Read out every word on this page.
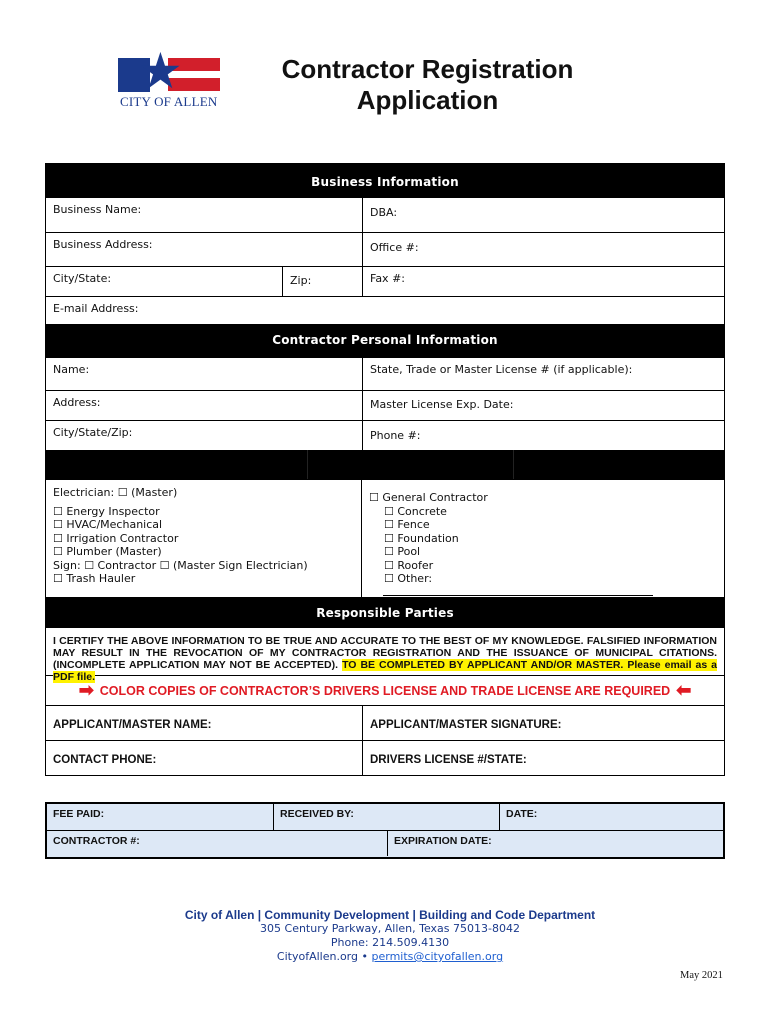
★
CITY OF ALLEN
Contractor Registration
Application
Business Information
Business Name:	DBA:
Business Address:	Office #:
City/State:	Zip:	Fax #:
E-mail Address:
Contractor Personal Information
Name:	State, Trade or Master License # (if applicable):
Address:	Master License Exp. Date:
City/State/Zip:	Phone #:
Electrician: ☐ (Master)
☐ Energy Inspector
☐ HVAC/Mechanical
☐ Irrigation Contractor
☐ Plumber (Master)
Sign: ☐ Contractor ☐ (Master Sign Electrician)
☐ Trash Hauler
☐ General Contractor
☐ Concrete
☐ Fence
☐ Foundation
☐ Pool
☐ Roofer
☐ Other:
Responsible Parties
I CERTIFY THE ABOVE INFORMATION TO BE TRUE AND ACCURATE TO THE BEST OF MY KNOWLEDGE. FALSIFIED INFORMATION MAY RESULT IN THE REVOCATION OF MY CONTRACTOR REGISTRATION AND THE ISSUANCE OF MUNICIPAL CITATIONS. (INCOMPLETE APPLICATION MAY NOT BE ACCEPTED). TO BE COMPLETED BY APPLICANT AND/OR MASTER. Please email as a PDF file.
➡ COLOR COPIES OF CONTRACTOR’S DRIVERS LICENSE AND TRADE LICENSE ARE REQUIRED ⬅
APPLICANT/MASTER NAME:	APPLICANT/MASTER SIGNATURE:
CONTACT PHONE:	DRIVERS LICENSE #/STATE:
FEE PAID:	RECEIVED BY:	DATE:
CONTRACTOR #:	EXPIRATION DATE:
City of Allen | Community Development | Building and Code Department
305 Century Parkway, Allen, Texas 75013-8042
Phone: 214.509.4130
CityofAllen.org • permits@cityofallen.org
May 2021
